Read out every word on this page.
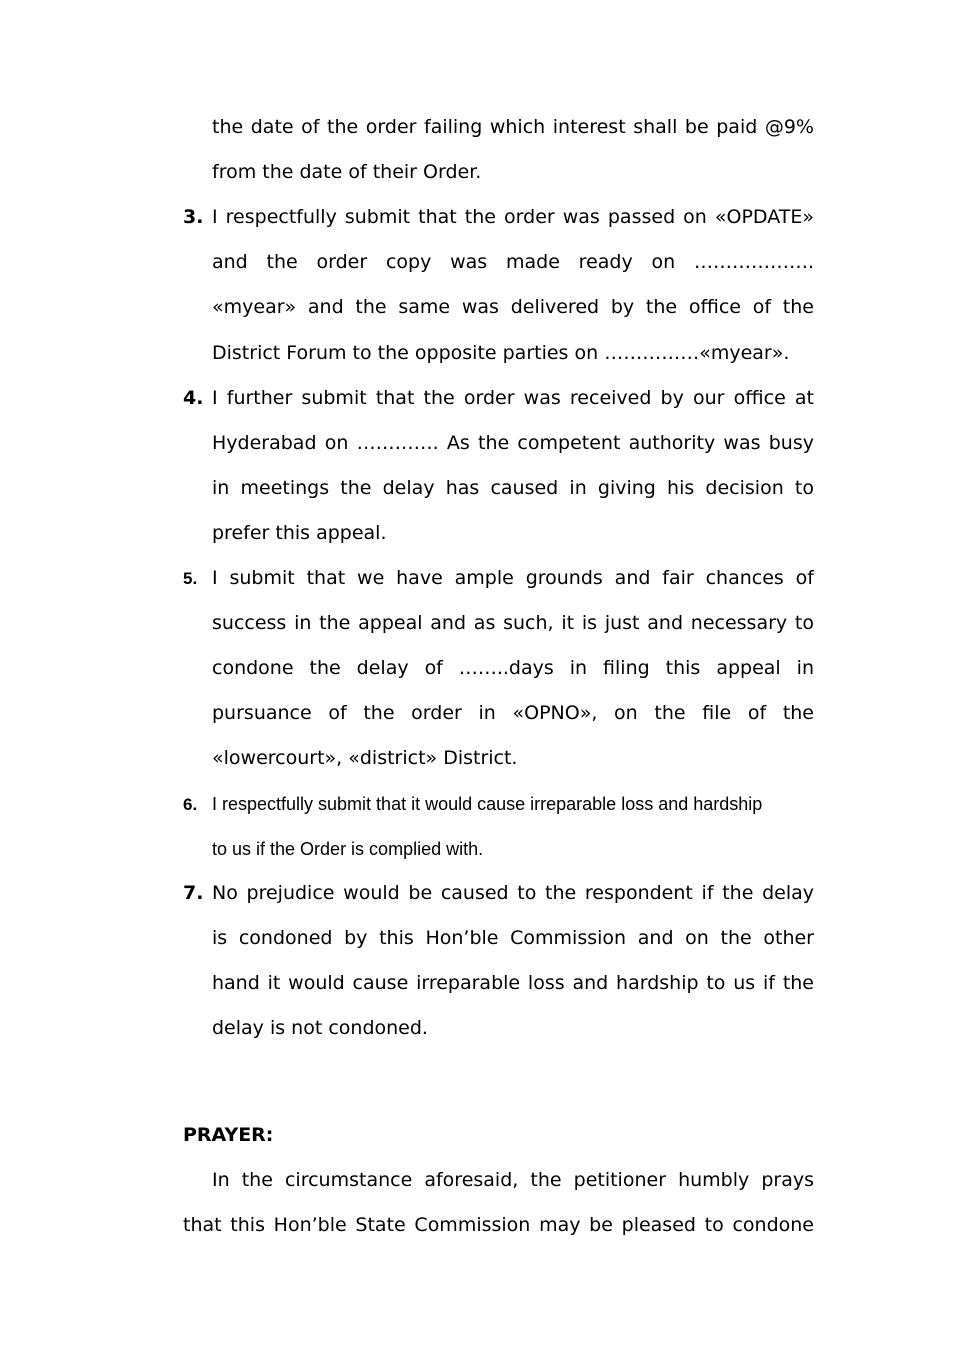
the date of the order failing which interest shall be paid @9%
from the date of their Order.
3. I respectfully submit that the order was passed on «OPDATE»
and the order copy was made ready on ……………….
«myear» and the same was delivered by the office of the
District Forum to the opposite parties on ……………«myear».
4. I further submit that the order was received by our office at
Hyderabad on …………. As the competent authority was busy
in meetings the delay has caused in giving his decision to
prefer this appeal.
5. I submit that we have ample grounds and fair chances of
success in the appeal and as such, it is just and necessary to
condone the delay of ……..days in filing this appeal in
pursuance of the order in «OPNO», on the file of the
«lowercourt», «district» District.
6. I respectfully submit that it would cause irreparable loss and hardship
to us if the Order is complied with.
7. No prejudice would be caused to the respondent if the delay
is condoned by this Hon’ble Commission and on the other
hand it would cause irreparable loss and hardship to us if the
delay is not condoned.
PRAYER:
In the circumstance aforesaid, the petitioner humbly prays
that this Hon’ble State Commission may be pleased to condone
